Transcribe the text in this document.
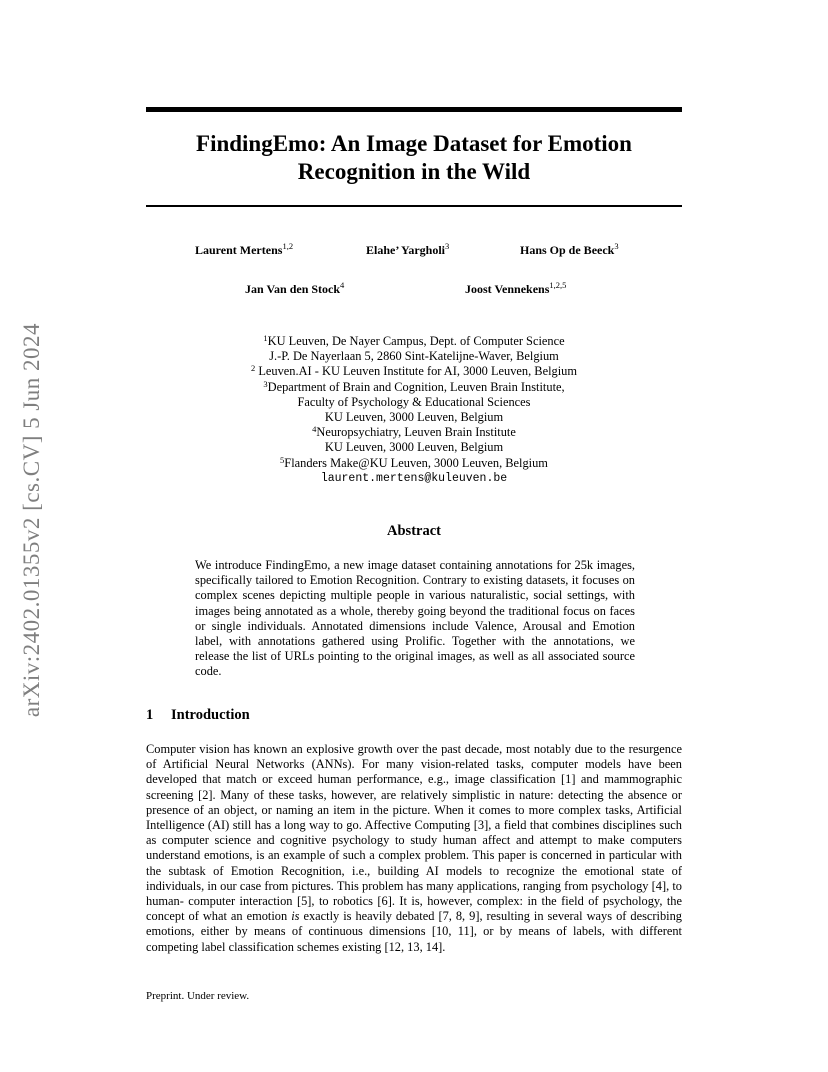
arXiv:2402.01355v2 [cs.CV] 5 Jun 2024
FindingEmo: An Image Dataset for Emotion
Recognition in the Wild
Laurent Mertens$^{1,2}$	Elahe’ Yargholi$^3$	Hans Op de Beeck$^3$
Jan Van den Stock$^4$	Joost Vennekens$^{1,2,5}$
$^1$KU Leuven, De Nayer Campus, Dept. of Computer Science
J.-P. De Nayerlaan 5, 2860 Sint-Katelijne-Waver, Belgium
$^2$ Leuven.AI - KU Leuven Institute for AI, 3000 Leuven, Belgium
$^3$Department of Brain and Cognition, Leuven Brain Institute,
Faculty of Psychology & Educational Sciences
KU Leuven, 3000 Leuven, Belgium
$^4$Neuropsychiatry, Leuven Brain Institute
KU Leuven, 3000 Leuven, Belgium
$^5$Flanders Make@KU Leuven, 3000 Leuven, Belgium
laurent.mertens@kuleuven.be
Abstract
We introduce FindingEmo, a new image dataset containing annotations for 25k images, specifically tailored to Emotion Recognition. Contrary to existing datasets, it focuses on complex scenes depicting multiple people in various naturalistic, social settings, with images being annotated as a whole, thereby going beyond the traditional focus on faces or single individuals. Annotated dimensions include Valence, Arousal and Emotion label, with annotations gathered using Prolific. Together with the annotations, we release the list of URLs pointing to the original images, as well as all associated source code.
1 Introduction
Computer vision has known an explosive growth over the past decade, most notably due to the resurgence of Artificial Neural Networks (ANNs). For many vision-related tasks, computer models have been developed that match or exceed human performance, e.g., image classification [1] and mammographic screening [2]. Many of these tasks, however, are relatively simplistic in nature: detecting the absence or presence of an object, or naming an item in the picture. When it comes to more complex tasks, Artificial Intelligence (AI) still has a long way to go. Affective Computing [3], a field that combines disciplines such as computer science and cognitive psychology to study human affect and attempt to make computers understand emotions, is an example of such a complex problem. This paper is concerned in particular with the subtask of Emotion Recognition, i.e., building AI models to recognize the emotional state of individuals, in our case from pictures. This problem has many applications, ranging from psychology [4], to human- computer interaction [5], to robotics [6]. It is, however, complex: in the field of psychology, the concept of what an emotion is exactly is heavily debated [7, 8, 9], resulting in several ways of describing emotions, either by means of continuous dimensions [10, 11], or by means of labels, with different competing label classification schemes existing [12, 13, 14].
Preprint. Under review.
